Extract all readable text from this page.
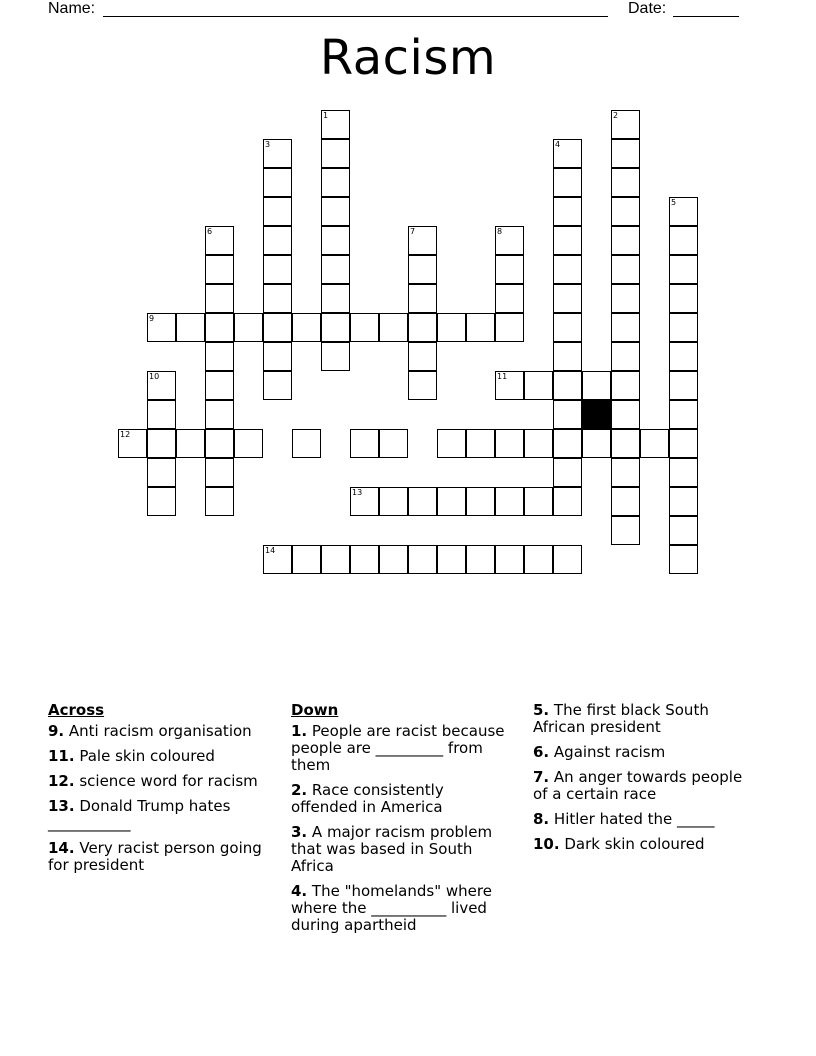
Name:	Date:
Racism
1	2
3	4
5
6	7	8
9
10	11
12
13
14
Across
9. Anti racism organisation
11. Pale skin coloured
12. science word for racism
13. Donald Trump hates ___________
14. Very racist person going for president
Down
1. People are racist because people are _________ from them
2. Race consistently offended in America
3. A major racism problem that was based in South Africa
4. The "homelands" where where the __________ lived during apartheid
5. The first black South African president
6. Against racism
7. An anger towards people of a certain race
8. Hitler hated the _____
10. Dark skin coloured
